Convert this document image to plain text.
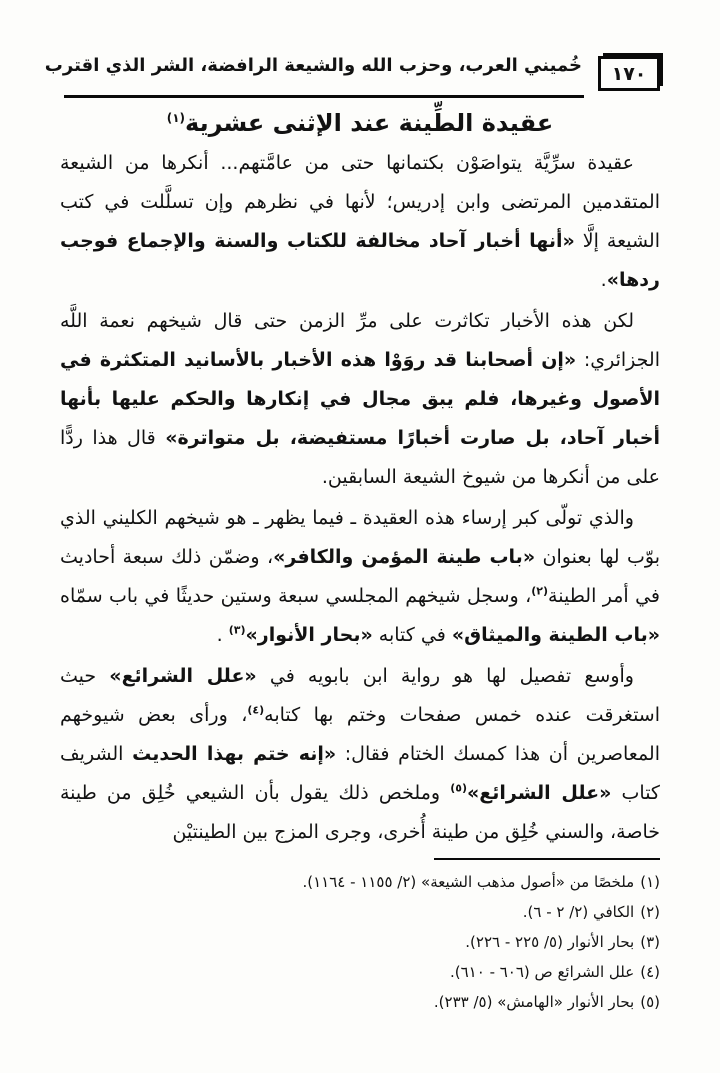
١٧٠
خُميني العرب، وحزب الله والشيعة الرافضة، الشر الذي اقترب
عقيدة الطِّينة عند الإثنى عشرية$^{(١)}$

عقيدة سرِّيَّة يتواصَوْن بكتمانها حتى من عامَّتهم... أنكرها من الشيعة المتقدمين المرتضى وابن إدريس؛ لأنها في نظرهم وإن تسلَّلت في كتب الشيعة إلَّا «أنها أخبار آحاد مخالفة للكتاب والسنة والإجماع فوجب ردها».

لكن هذه الأخبار تكاثرت على مرِّ الزمن حتى قال شيخهم نعمة اللَّه الجزائري: «إن أصحابنا قد روَوْا هذه الأخبار بالأسانيد المتكثرة في الأصول وغيرها، فلم يبق مجال في إنكارها والحكم عليها بأنها أخبار آحاد، بل صارت أخبارًا مستفيضة، بل متواترة» قال هذا ردًّا على من أنكرها من شيوخ الشيعة السابقين.

والذي تولّى كبر إرساء هذه العقيدة ـ فيما يظهر ـ هو شيخهم الكليني الذي بوّب لها بعنوان «باب طينة المؤمن والكافر»، وضمّن ذلك سبعة أحاديث في أمر الطينة$^{(٢)}$، وسجل شيخهم المجلسي سبعة وستين حديثًا في باب سمّاه «باب الطينة والميثاق» في كتابه «بحار الأنوار»$^{(٣)}$ .

وأوسع تفصيل لها هو رواية ابن بابويه في «علل الشرائع» حيث استغرقت عنده خمس صفحات وختم بها كتابه$^{(٤)}$، ورأى بعض شيوخهم المعاصرين أن هذا كمسك الختام فقال: «إنه ختم بهذا الحديث الشريف كتاب «علل الشرائع»$^{(٥)}$ وملخص ذلك يقول بأن الشيعي خُلِق من طينة خاصة، والسني خُلِق من طينة أُخرى، وجرى المزج بين الطينتيْن

(١)ملخصًا من «أصول مذهب الشيعة» (٢/ ١١٥٥ - ١١٦٤).
(٢)الكافي (٢/ ٢ - ٦).
(٣)بحار الأنوار (٥/ ٢٢٥ - ٢٢٦).
(٤)علل الشرائع ص (٦٠٦ - ٦١٠).
(٥)بحار الأنوار «الهامش» (٥/ ٢٣٣).
